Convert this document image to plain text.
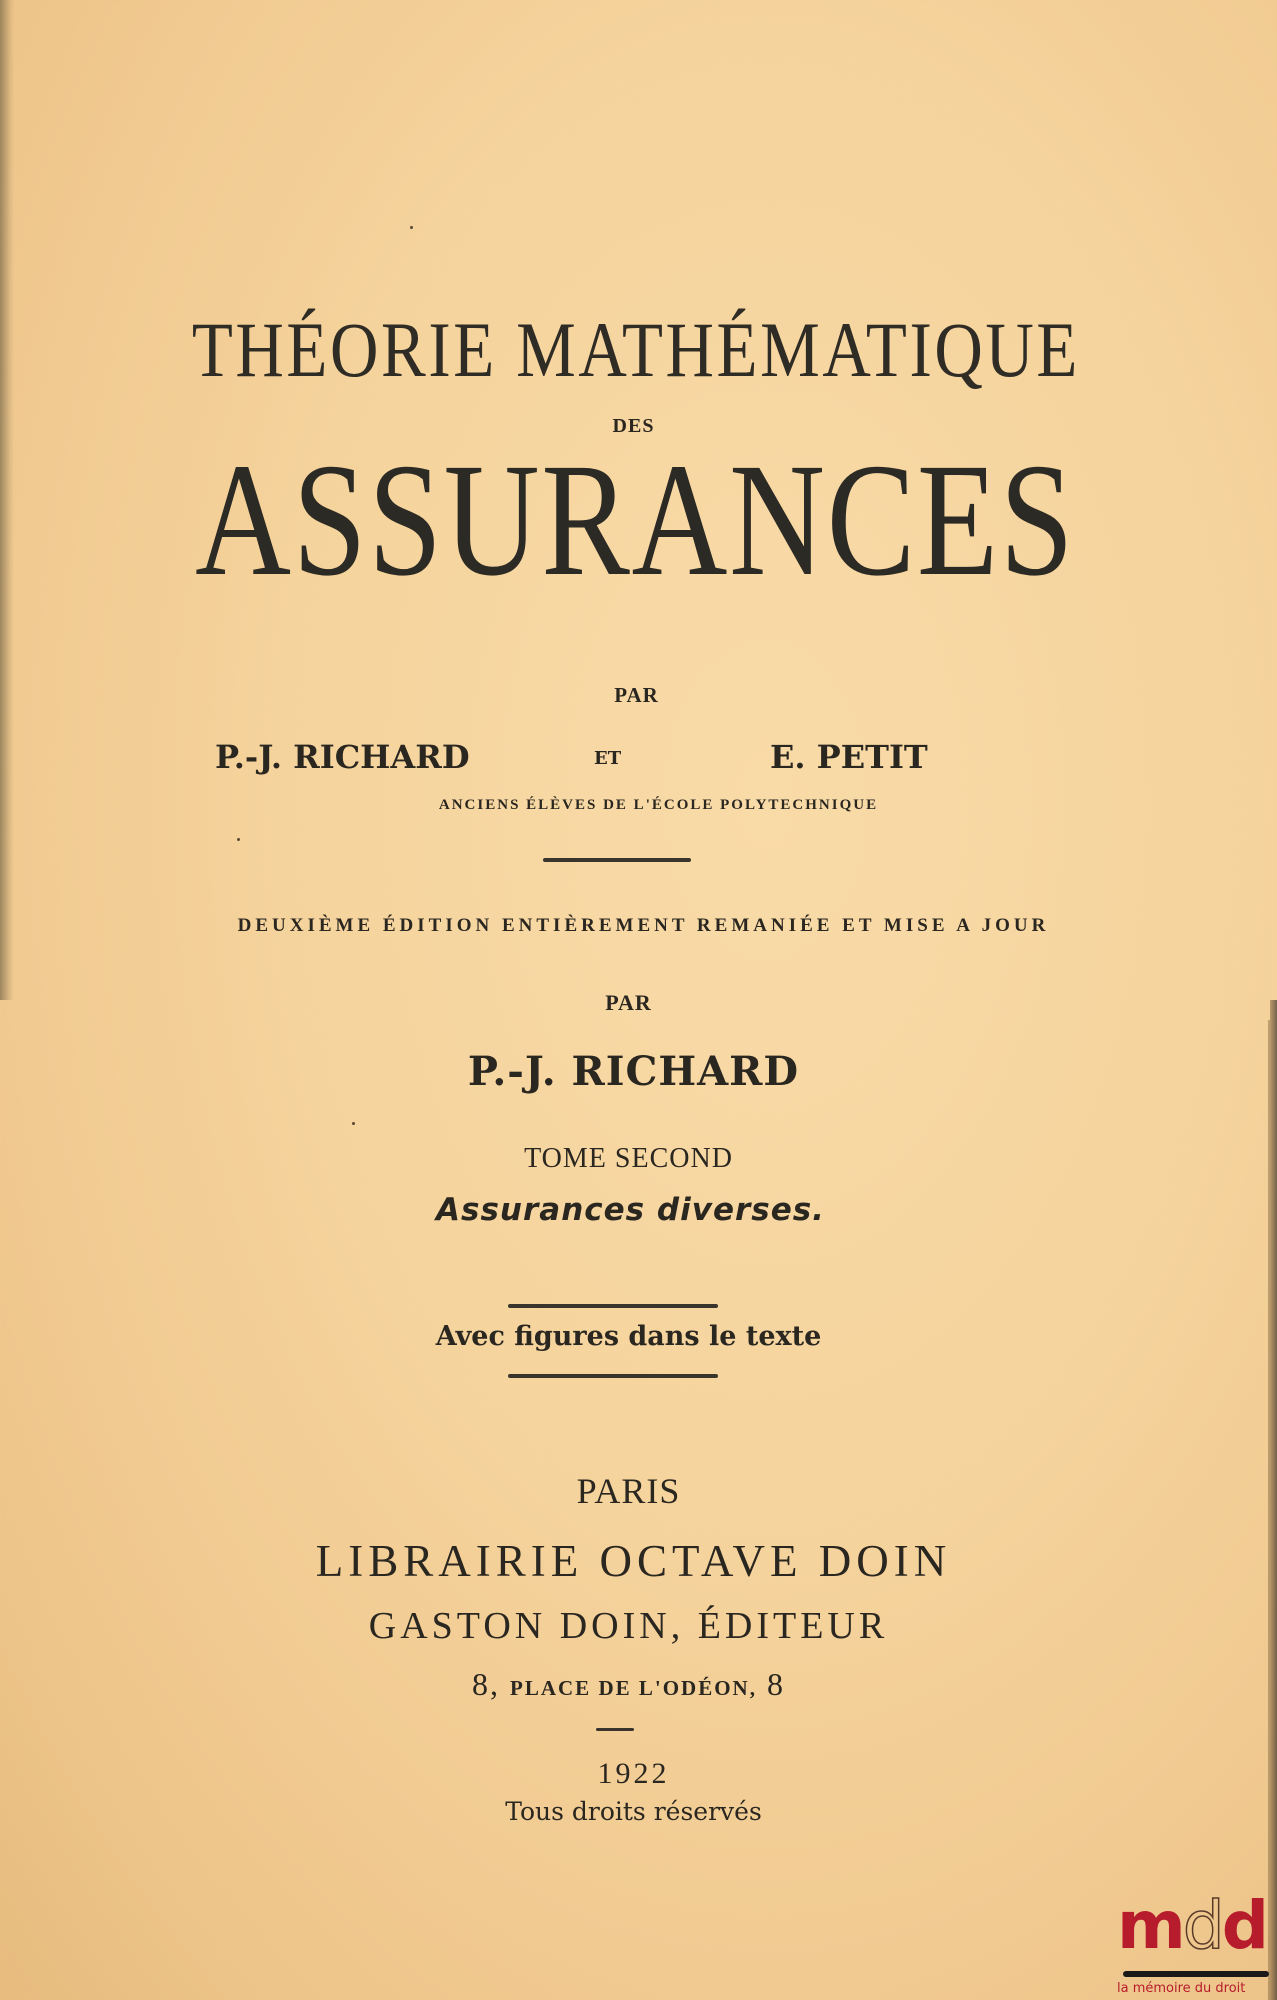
THÉORIE MATHÉMATIQUE
DES
ASSURANCES
PAR
P.-J. RICHARD	ET	E. PETIT
ANCIENS ÉLÈVES DE L'ÉCOLE POLYTECHNIQUE
DEUXIÈME ÉDITION ENTIÈREMENT REMANIÉE ET MISE A JOUR
PAR
P.-J. RICHARD
TOME SECOND
Assurances diverses.
Avec figures dans le texte
PARIS
LIBRAIRIE OCTAVE DOIN
GASTON DOIN, ÉDITEUR
8, PLACE DE L'ODÉON, 8
1922
Tous droits réservés
mdd
la mémoire du droit
